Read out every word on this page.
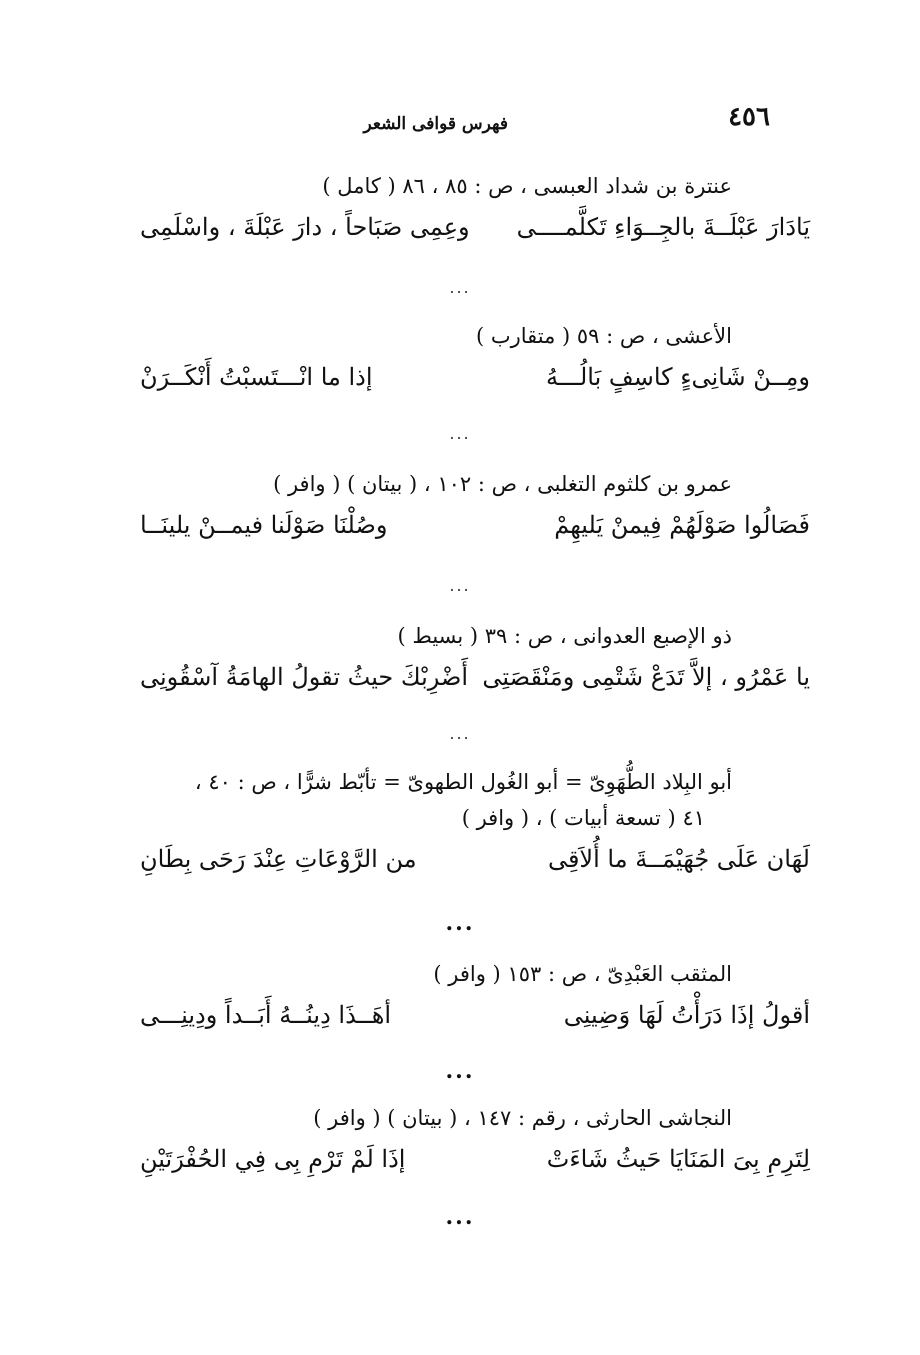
٤٥٦
فهرس قوافى الشعر
عنترة بن شداد العبسى ، ص : ٨٥ ، ٨٦ ( كامل )
يَادَارَ عَبْلَــةَ بالجِــوَاءِ تَكلَّمــــى
وعِمِى صَبَاحاً ، دارَ عَبْلَةَ ، واسْلَمِى
...
الأعشى ، ص : ٥٩ ( متقارب )
ومِــنْ شَانِىءٍ كاسِفٍ بَالُـــهُ
إذا ما انْـــتَسبْتُ أَنْكَــرَنْ
...
عمرو بن كلثوم التغلبى ، ص : ١٠٢ ، ( بيتان ) ( وافر )
فَصَالُوا صَوْلَهُمْ فِيمنْ يَليهِمْ
وصُلْنَا صَوْلَنا فيمــنْ يلينَــا
...
ذو الإصبع العدوانى ، ص : ٣٩ ( بسيط )
يا عَمْرُو ، إلاَّ تَدَعْ شَتْمِى ومَنْقَصَتِى
أَضْرِبْكَ حيثُ تقولُ الهامَةُ آسْقُونِى
...
أبو البِلاد الطُّهَوِىّ = أبو الغُول الطهوىّ = تأبّط شرًّا ، ص : ٤٠ ،
٤١ ( تسعة أبيات ) ، ( وافر )
لَهَان عَلَى جُهَيْمَــةَ ما أُلاَقِى
من الرَّوْعَاتِ عِنْدَ رَحَى بِطَانِ
...
المثقب العَبْدِىّ ، ص : ١٥٣ ( وافر )
أقولُ إذَا دَرَأْتُ لَهَا وَضِينِى
أهَــذَا دِينُــهُ أَبَــداً ودِينِـــى
...
النجاشى الحارثى ، رقم : ١٤٧ ، ( بيتان ) ( وافر )
لِتَرِمِ بِىَ المَنَايَا حَيثُ شَاءَتْ
إذَا لَمْ تَرْمِ بِى فِي الحُفْرَتَيْنِ
...
